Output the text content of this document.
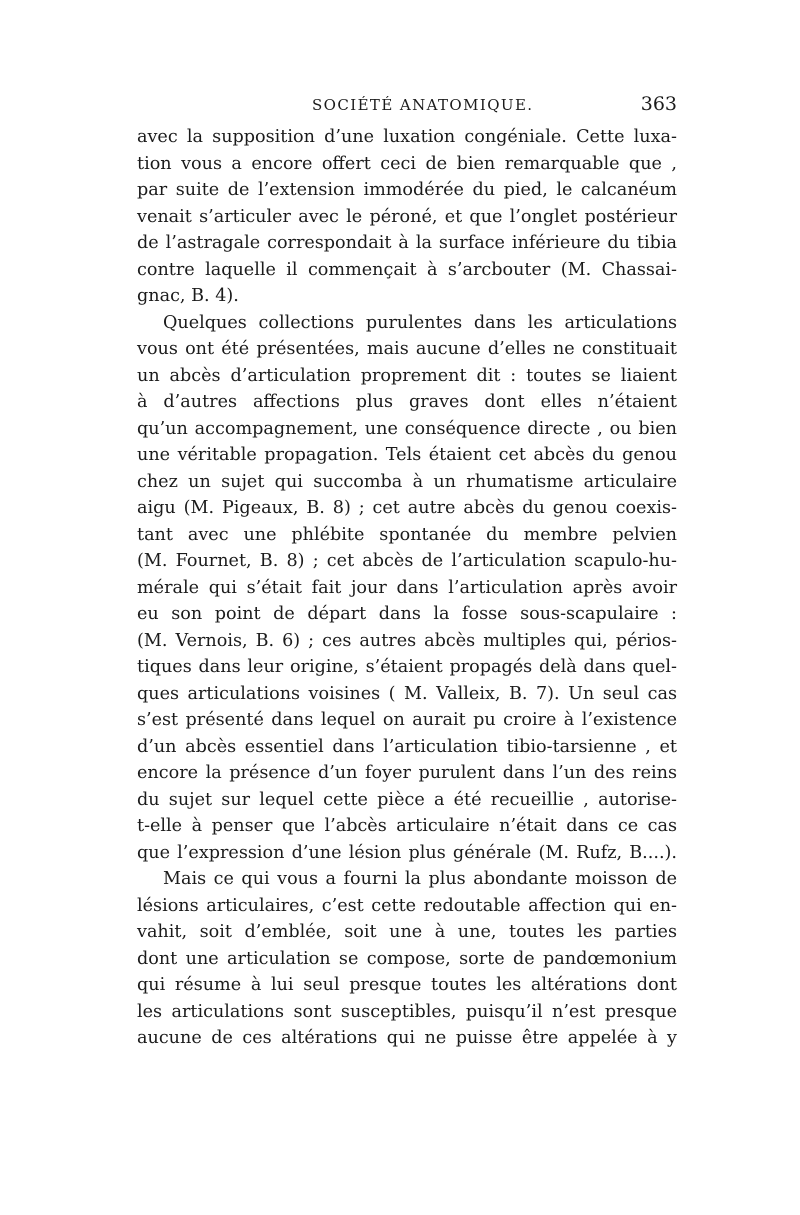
SOCIÉTÉ ANATOMIQUE.	363
avec la supposition d’une luxation congéniale. Cette luxa-
tion vous a encore offert ceci de bien remarquable que ,
par suite de l’extension immodérée du pied, le calcanéum
venait s’articuler avec le péroné, et que l’onglet postérieur
de l’astragale correspondait à la surface inférieure du tibia
contre laquelle il commençait à s’arcbouter (M. Chassai-
gnac, B. 4).
Quelques collections purulentes dans les articulations
vous ont été présentées, mais aucune d’elles ne constituait
un abcès d’articulation proprement dit : toutes se liaient
à d’autres affections plus graves dont elles n’étaient
qu’un accompagnement, une conséquence directe , ou bien
une véritable propagation. Tels étaient cet abcès du genou
chez un sujet qui succomba à un rhumatisme articulaire
aigu (M. Pigeaux, B. 8) ; cet autre abcès du genou coexis-
tant avec une phlébite spontanée du membre pelvien
(M. Fournet, B. 8) ; cet abcès de l’articulation scapulo-hu-
mérale qui s’était fait jour dans l’articulation après avoir
eu son point de départ dans la fosse sous-scapulaire :
(M. Vernois, B. 6) ; ces autres abcès multiples qui, périos-
tiques dans leur origine, s’étaient propagés delà dans quel-
ques articulations voisines ( M. Valleix, B. 7). Un seul cas
s’est présenté dans lequel on aurait pu croire à l’existence
d’un abcès essentiel dans l’articulation tibio-tarsienne , et
encore la présence d’un foyer purulent dans l’un des reins
du sujet sur lequel cette pièce a été recueillie , autorise-
t-elle à penser que l’abcès articulaire n’était dans ce cas
que l’expression d’une lésion plus générale (M. Rufz, B....).
Mais ce qui vous a fourni la plus abondante moisson de
lésions articulaires, c’est cette redoutable affection qui en-
vahit, soit d’emblée, soit une à une, toutes les parties
dont une articulation se compose, sorte de pandœmonium
qui résume à lui seul presque toutes les altérations dont
les articulations sont susceptibles, puisqu’il n’est presque
aucune de ces altérations qui ne puisse être appelée à y
